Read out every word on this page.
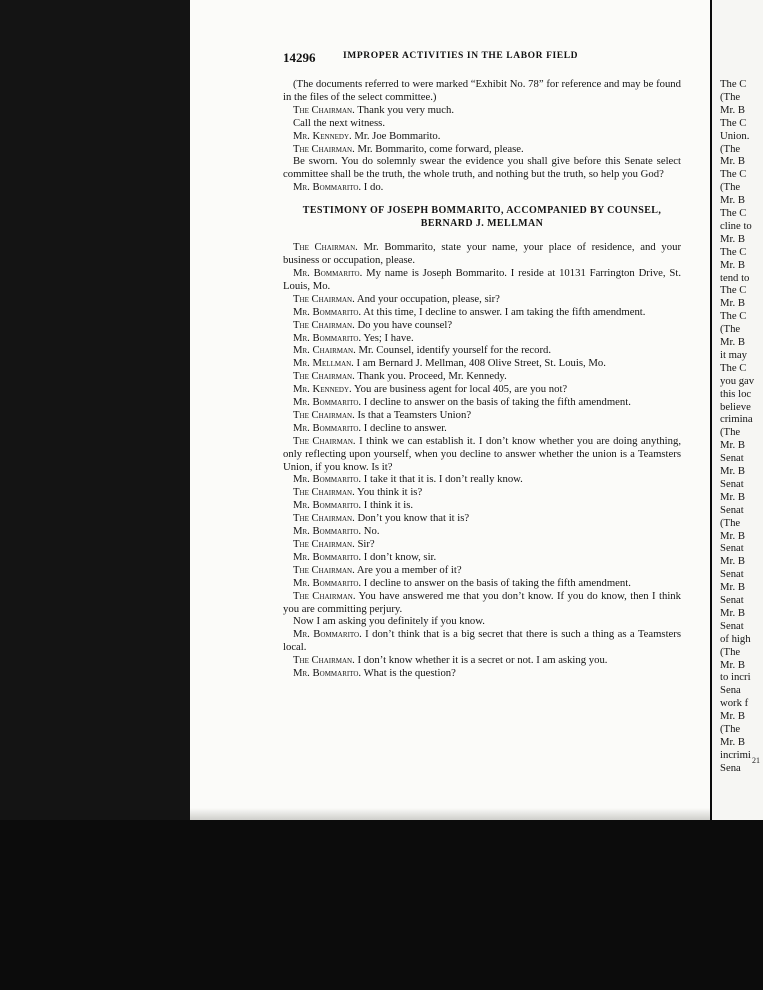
The C
(The
Mr. B
The C
Union.
(The
Mr. B
The C
(The
Mr. B
The C
cline to
Mr. B
The C
Mr. B
tend to
The C
Mr. B
The C
(The
Mr. B
it may
The C
you gav
this loc
believe
crimina
(The
Mr. B
Senat
Mr. B
Senat
Mr. B
Senat
(The
Mr. B
Senat
Mr. B
Senat
Mr. B
Senat
Mr. B
Senat
of high
(The
Mr. B
to incri
Sena
work f
Mr. B
(The
Mr. B
incrimi
Sena
21
14296	IMPROPER ACTIVITIES IN THE LABOR FIELD

(The documents referred to were marked “Exhibit No. 78” for reference and may be found in the files of the select committee.)

The Chairman. Thank you very much.

Call the next witness.

Mr. Kennedy. Mr. Joe Bommarito.

The Chairman. Mr. Bommarito, come forward, please.

Be sworn. You do solemnly swear the evidence you shall give before this Senate select committee shall be the truth, the whole truth, and nothing but the truth, so help you God?

Mr. Bommarito. I do.

TESTIMONY OF JOSEPH BOMMARITO, ACCOMPANIED BY COUNSEL, BERNARD J. MELLMAN

The Chairman. Mr. Bommarito, state your name, your place of residence, and your business or occupation, please.

Mr. Bommarito. My name is Joseph Bommarito. I reside at 10131 Farrington Drive, St. Louis, Mo.

The Chairman. And your occupation, please, sir?

Mr. Bommarito. At this time, I decline to answer. I am taking the fifth amendment.

The Chairman. Do you have counsel?

Mr. Bommarito. Yes; I have.

Mr. Chairman. Mr. Counsel, identify yourself for the record.

Mr. Mellman. I am Bernard J. Mellman, 408 Olive Street, St. Louis, Mo.

The Chairman. Thank you. Proceed, Mr. Kennedy.

Mr. Kennedy. You are business agent for local 405, are you not?

Mr. Bommarito. I decline to answer on the basis of taking the fifth amendment.

The Chairman. Is that a Teamsters Union?

Mr. Bommarito. I decline to answer.

The Chairman. I think we can establish it. I don’t know whether you are doing anything, only reflecting upon yourself, when you decline to answer whether the union is a Teamsters Union, if you know. Is it?

Mr. Bommarito. I take it that it is. I don’t really know.

The Chairman. You think it is?

Mr. Bommarito. I think it is.

The Chairman. Don’t you know that it is?

Mr. Bommarito. No.

The Chairman. Sir?

Mr. Bommarito. I don’t know, sir.

The Chairman. Are you a member of it?

Mr. Bommarito. I decline to answer on the basis of taking the fifth amendment.

The Chairman. You have answered me that you don’t know. If you do know, then I think you are committing perjury.

Now I am asking you definitely if you know.

Mr. Bommarito. I don’t think that is a big secret that there is such a thing as a Teamsters local.

The Chairman. I don’t know whether it is a secret or not. I am asking you.

Mr. Bommarito. What is the question?
